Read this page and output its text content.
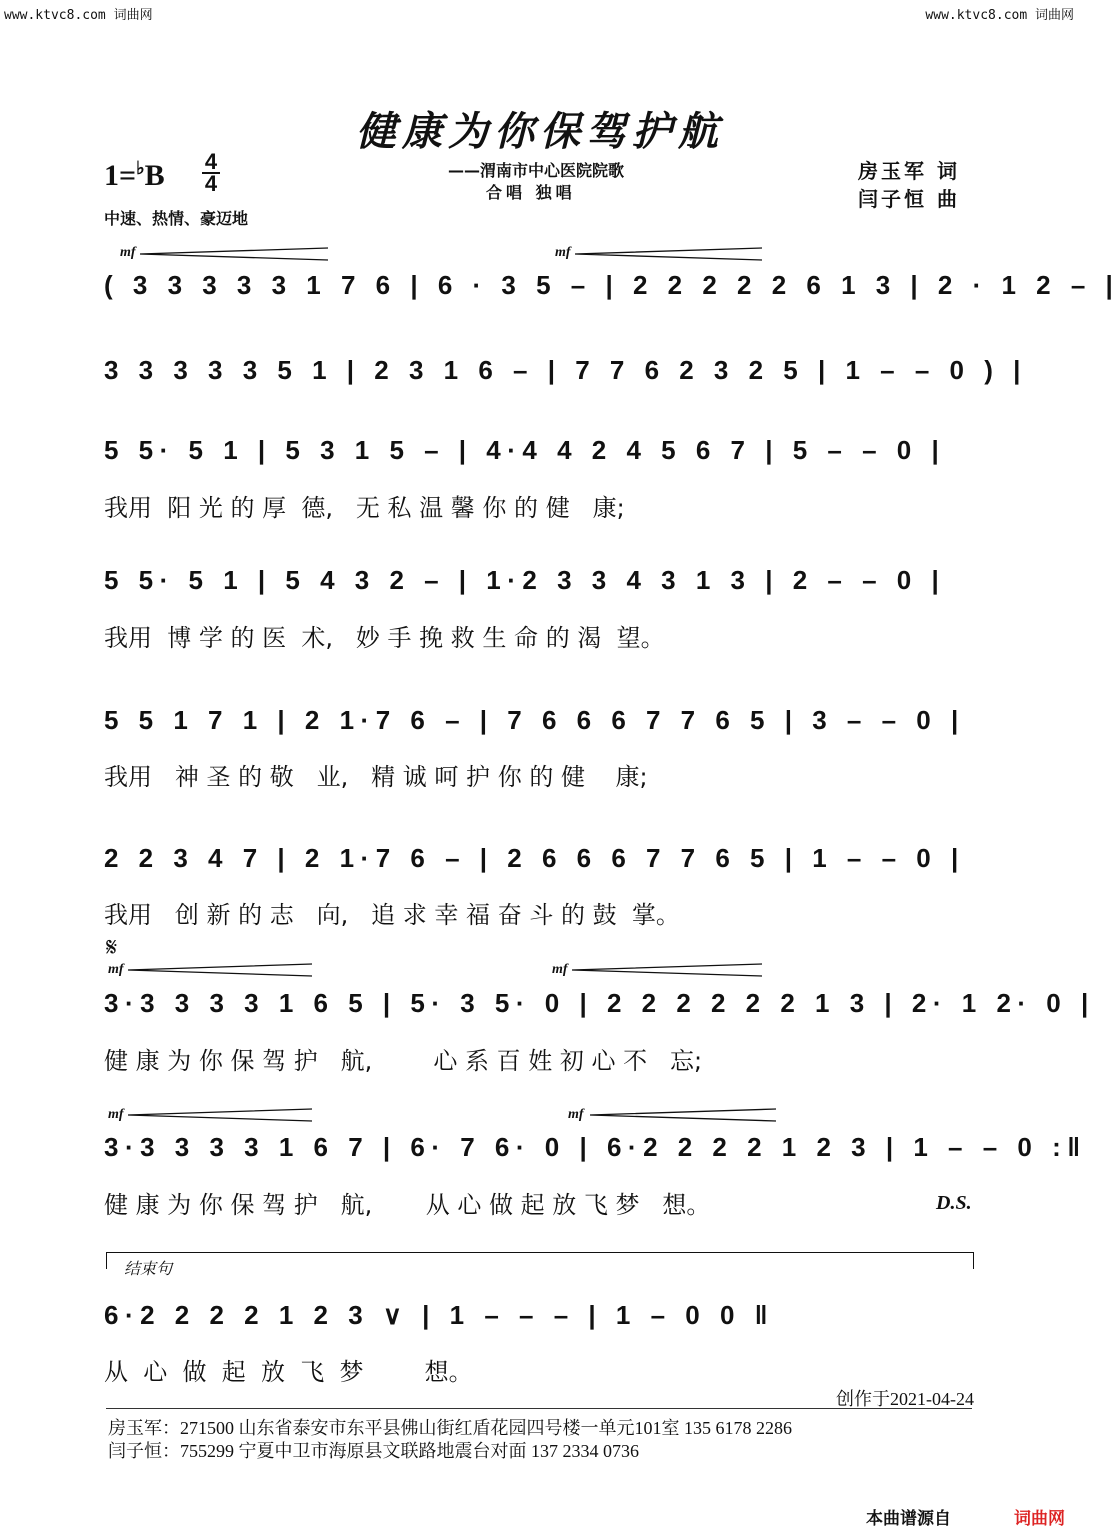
www.ktvc8.com 词曲网	www.ktvc8.com 词曲网
健康为你保驾护航
——渭南市中心医院院歌
合唱 独唱
1=♭B 4
4
中速、热情、豪迈地
房玉军 词
闫子恒 曲
( 3 3 3 3 3 1 7 6 | 6 · 3 5 – | 2 2 2 2 2 6 1 3 | 2 · 1 2 – |
3 3 3 3 3 5 1 | 2 3 1 6 – | 7 7 6 2 3 2 5 | 1 – – 0 ) |
5 5· 5 1 | 5 3 1 5 – | 4·4 4 2 4 5 6 7 | 5 – – 0 |
我用  阳 光 的 厚  德,   无 私 温 馨 你 的 健   康;
5 5· 5 1 | 5 4 3 2 – | 1·2 3 3 4 3 1 3 | 2 – – 0 |
我用  博 学 的 医  术,   妙 手 挽 救 生 命 的 渴  望。
5 5 1 7 1 | 2 1·7 6 – | 7 6 6 6 7 7 6 5 | 3 – – 0 |
我用   神 圣 的 敬   业,   精 诚 呵 护 你 的 健    康;
2 2 3 4 7 | 2 1·7 6 – | 2 6 6 6 7 7 6 5 | 1 – – 0 |
我用   创 新 的 志   向,   追 求 幸 福 奋 斗 的 鼓  掌。
3·3 3 3 3 1 6 5 | 5· 3 5· 0 | 2 2 2 2 2 2 1 3 | 2· 1 2· 0 |
健 康 为 你 保 驾 护   航,        心 系 百 姓 初 心 不   忘;
3·3 3 3 3 1 6 7 | 6· 7 6· 0 | 6·2 2 2 2 1 2 3 | 1 – – 0 :‖
健 康 为 你 保 驾 护   航,       从 心 做 起 放 飞 梦   想。
6·2 2 2 2 1 2 3 ∨ | 1 – – – | 1 – 0 0 ‖
从  心  做  起  放  飞  梦        想。
mf	mf
mf	mf
mf	mf
𝄋
D.S.
结束句
创作于2021-04-24
房玉军：271500 山东省泰安市东平县佛山街红盾花园四号楼一单元101室 135 6178 2286
闫子恒：755299 宁夏中卫市海原县文联路地震台对面 137 2334 0736
本曲谱源自	词曲网
